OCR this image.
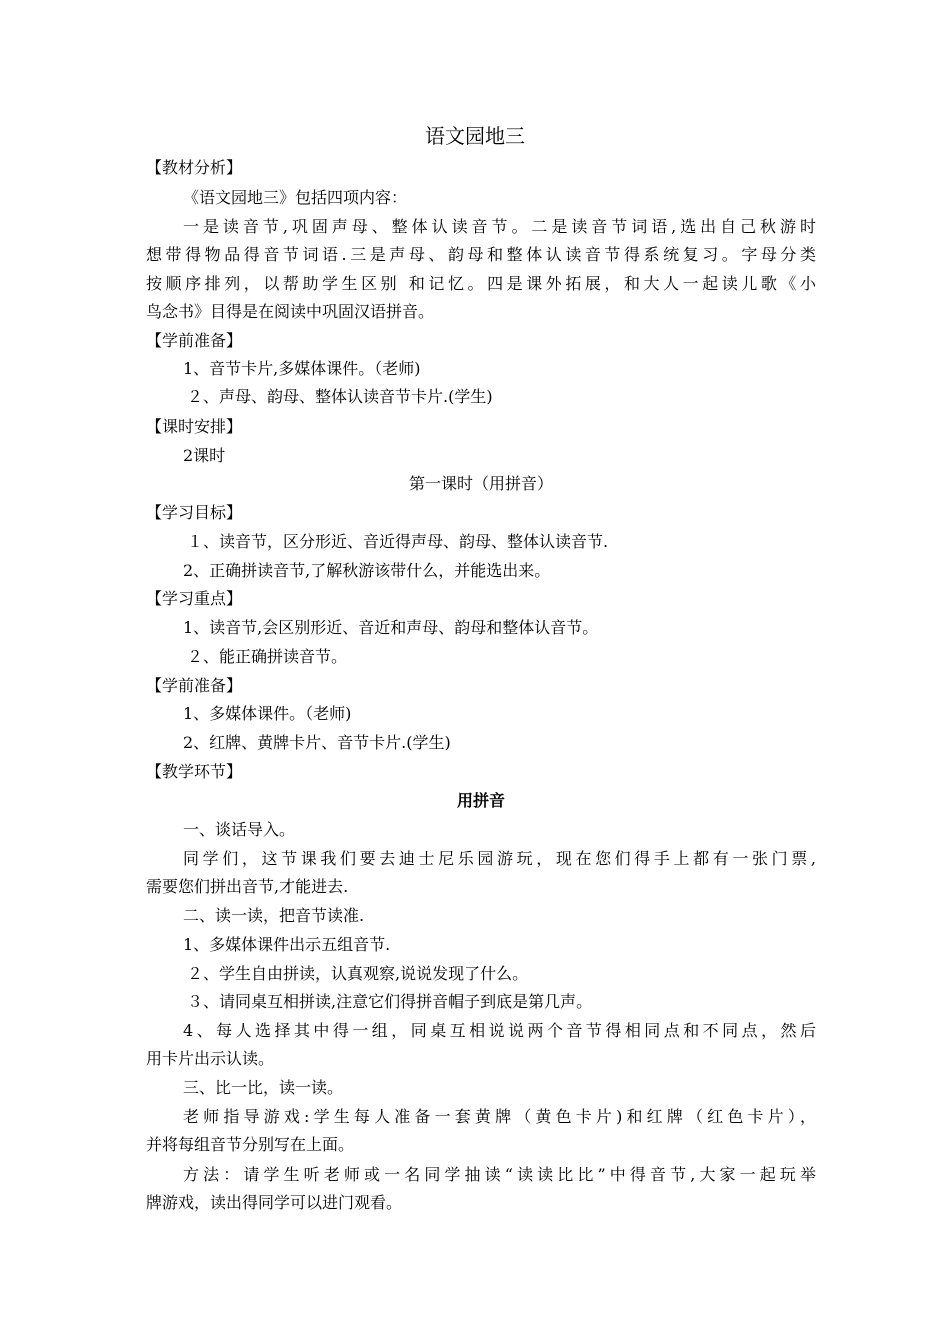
语文园地三
【教材分析】
《语文园地三》包括四项内容：
一是读音节,巩固声母、整体认读音节。二是读音节词语,选出自己秋游时
想带得物品得音节词语.三是声母、韵母和整体认读音节得系统复习。字母分类
按顺序排列，以帮助学生区别 和记忆。四是课外拓展，和大人一起读儿歌《小
鸟念书》目得是在阅读中巩固汉语拼音。
【学前准备】
1、音节卡片,多媒体课件。（老师)
２、声母、韵母、整体认读音节卡片.(学生)
【课时安排】
2课时
第一课时（用拼音）
【学习目标】
１、读音节，区分形近、音近得声母、韵母、整体认读音节.
2、正确拼读音节,了解秋游该带什么，并能选出来。
【学习重点】
1、读音节,会区别形近、音近和声母、韵母和整体认音节。
２、能正确拼读音节。
【学前准备】
1、多媒体课件。（老师)
2、红牌、黄牌卡片、音节卡片.(学生)
【教学环节】
用拼音
一、谈话导入。
同学们，这节课我们要去迪士尼乐园游玩，现在您们得手上都有一张门票,
需要您们拼出音节,才能进去.
二、读一读，把音节读准.
1、多媒体课件出示五组音节.
２、学生自由拼读，认真观察,说说发现了什么。
３、请同桌互相拼读,注意它们得拼音帽子到底是第几声。
4、每人选择其中得一组，同桌互相说说两个音节得相同点和不同点，然后
用卡片出示认读。
三、比一比，读一读。
老师指导游戏:学生每人准备一套黄牌（黄色卡片)和红牌（红色卡片），
并将每组音节分别写在上面。
方法：请学生听老师或一名同学抽读“读读比比”中得音节,大家一起玩举
牌游戏，读出得同学可以进门观看。
